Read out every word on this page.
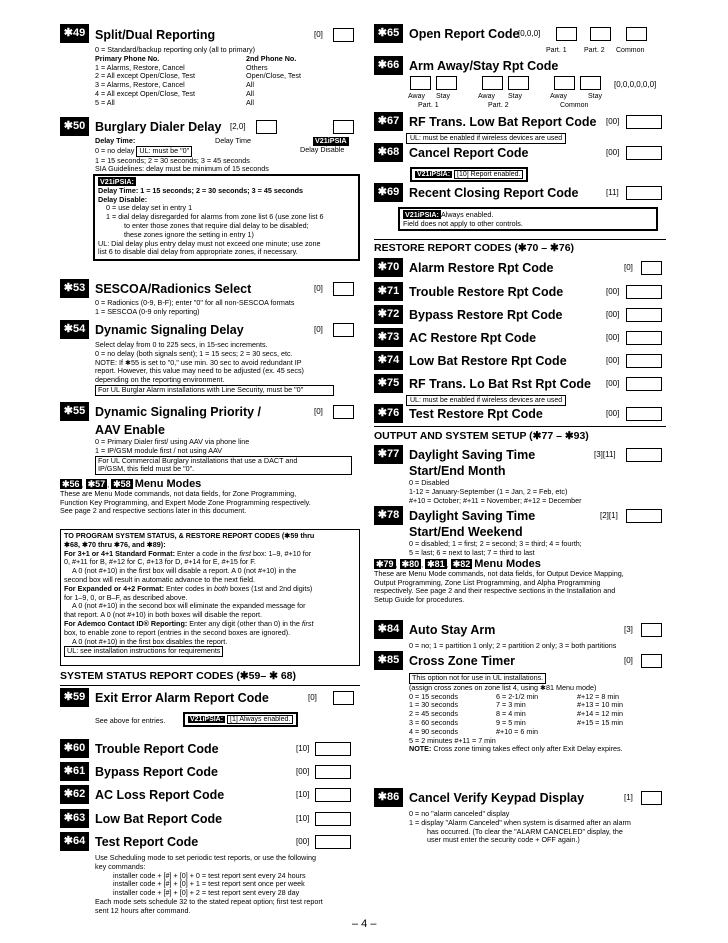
✱49 Split/Dual Reporting	[0]

0 = Standard/backup reporting only (all to primary)

Primary Phone No.	2nd Phone No.

1 = Alarms, Restore, Cancel	Others

2 = All except Open/Close, Test	Open/Close, Test

3 = Alarms, Restore, Cancel	All

4 = All except Open/Close, Test	All

5 = All	All

✱50 Burglary Dialer Delay [2,0]

Delay Time:	Delay Time	V21iPSIA

0 = no delay UL: must be "0"	Delay Disable

1 = 15 seconds; 2 = 30 seconds; 3 = 45 seconds

SIA Guidelines: delay must be minimum of 15 seconds

V21iPSIA:

Delay Time: 1 = 15 seconds; 2 = 30 seconds; 3 = 45 seconds

Delay Disable:

0 = use delay set in entry 1

1 = dial delay disregarded for alarms from zone list 6 (use zone list 6

to enter those zones that require dial delay to be disabled;

these zones ignore the setting in entry 1)

UL: Dial delay plus entry delay must not exceed one minute; use zone

list 6 to disable dial delay from appropriate zones, if necessary.

✱53 SESCOA/Radionics Select	[0]

0 = Radionics (0-9, B-F); enter "0" for all non-SESCOA formats

1 = SESCOA (0-9 only reporting)

✱54 Dynamic Signaling Delay	[0]

Select delay from 0 to 225 secs, in 15-sec increments.

0 = no delay (both signals sent); 1 = 15 secs; 2 = 30 secs, etc.

NOTE: If ✱55 is set to "0," use min. 30 sec to avoid redundant IP

report. However, this value may need to be adjusted (ex. 45 secs)

depending on the reporting environment.

For UL Burglar Alarm installations with Line Security, must be "0"

✱55 Dynamic Signaling Priority /
AAV Enable
[0]

0 = Primary Dialer first/ using AAV via phone line

1 = IP/GSM module first / not using AAV

For UL Commercial Burglary installations that use a DACT and

IP/GSM, this field must be "0".

✱56 , ✱57 , ✱58 Menu Modes

These are Menu Mode commands, not data fields, for Zone Programming,

Function Key Programming, and Expert Mode Zone Programming respectively.

See page 2 and respective sections later in this document.

TO PROGRAM SYSTEM STATUS, & RESTORE REPORT CODES (✱59 thru

✱68, ✱70 thru ✱76, and ✱89):

For 3+1 or 4+1 Standard Format: Enter a code in the first box: 1–9, #+10 for

0, #+11 for B, #+12 for C, #+13 for D, #+14 for E, #+15 for F.

A 0 (not #+10) in the first box will disable a report. A 0 (not #+10) in the

second box will result in automatic advance to the next field.

For Expanded or 4+2 Format: Enter codes in both boxes (1st and 2nd digits)

for 1–9, 0, or B–F, as described above.

A 0 (not #+10) in the second box will eliminate the expanded message for

that report. A 0 (not #+10) in both boxes will disable the report.

For Ademco Contact ID® Reporting: Enter any digit (other than 0) in the first

box, to enable zone to report (entries in the second boxes are ignored).

A 0 (not #+10) in the first box disables the report.

UL: see installation instructions for requirements

SYSTEM STATUS REPORT CODES (✱59– ✱ 68)
✱59 Exit Error Alarm Report Code	[0]
See above for entries.	V21iPSIA: [1] Always enabled.
✱60 Trouble Report Code	[10]
✱61 Bypass Report Code	[00]
✱62 AC Loss Report Code	[10]
✱63 Low Bat Report Code	[10]
✱64 Test Report Code	[00]

Use Scheduling mode to set periodic test reports, or use the following

key commands:

installer code + [#] + [0] + 0 = test report sent every 24 hours

installer code + [#] + [0] + 1 = test report sent once per week

installer code + [#] + [0] + 2 = test report sent every 28 day

Each mode sets schedule 32 to the stated repeat option; first test report

sent 12 hours after command.

✱65 Open Report Code
[0,0,0]
Part. 1 Part. 2 Common
✱66 Arm Away/Stay Rpt Code
[0,0,0,0,0,0]
Away Stay	Away Stay	Away	Stay
Part. 1	Part. 2	Common
✱67 RF Trans. Low Bat Report Code [00]
UL: must be enabled if wireless devices are used
✱68 Cancel Report Code	[00]
V21iPSIA: [10] Report enabled.
✱69 Recent Closing Report Code	[11]

V21iPSIA: Always enabled.

Field does not apply to other controls.

RESTORE REPORT CODES (✱70 – ✱76)
✱70 Alarm Restore Rpt Code	[0]
✱71 Trouble Restore Rpt Code	[00]
✱72 Bypass Restore Rpt Code	[00]
✱73 AC Restore Rpt Code	[00]
✱74 Low Bat Restore Rpt Code	[00]
✱75 RF Trans. Lo Bat Rst Rpt Code [00]
UL: must be enabled if wireless devices are used
✱76 Test Restore Rpt Code	[00]
OUTPUT AND SYSTEM SETUP (✱77 – ✱93)
✱77 Daylight Saving Time
Start/End Month
[3][11]

0 = Disabled

1-12 = January-September (1 = Jan, 2 = Feb, etc)

#+10 = October; #+11 = November; #+12 = December

✱78 Daylight Saving Time
Start/End Weekend
[2][1]

0 = disabled; 1 = first; 2 = second; 3 = third; 4 = fourth;

5 = last; 6 = next to last; 7 = third to last

✱79 , ✱80 , ✱81 , ✱82 Menu Modes

These are Menu Mode commands, not data fields, for Output Device Mapping,

Output Programming, Zone List Programming, and Alpha Programming

respectively. See page 2 and their respective sections in the Installation and

Setup Guide for procedures.

✱84 Auto Stay Arm	[3]

0 = no; 1 = partition 1 only; 2 = partition 2 only; 3 = both partitions

✱85 Cross Zone Timer	[0]

This option not for use in UL installations.

(assign cross zones on zone list 4, using ✱81 Menu mode)

0 = 15 seconds	6 = 2-1/2 min	#+12 = 8 min

1 = 30 seconds	7 = 3 min	#+13 = 10 min

2 = 45 seconds	8 = 4 min	#+14 = 12 min

3 = 60 seconds	9 = 5 min	#+15 = 15 min

4 = 90 seconds	#+10 = 6 min

5 = 2 minutes #+11 = 7 min

NOTE: Cross zone timing takes effect only after Exit Delay expires.

✱86 Cancel Verify Keypad Display	[1]

0 = no "alarm canceled" display

1 = display "Alarm Canceled" when system is disarmed after an alarm

has occurred. (To clear the "ALARM CANCELED" display, the

user must enter the security code + OFF again.)

– 4 –
